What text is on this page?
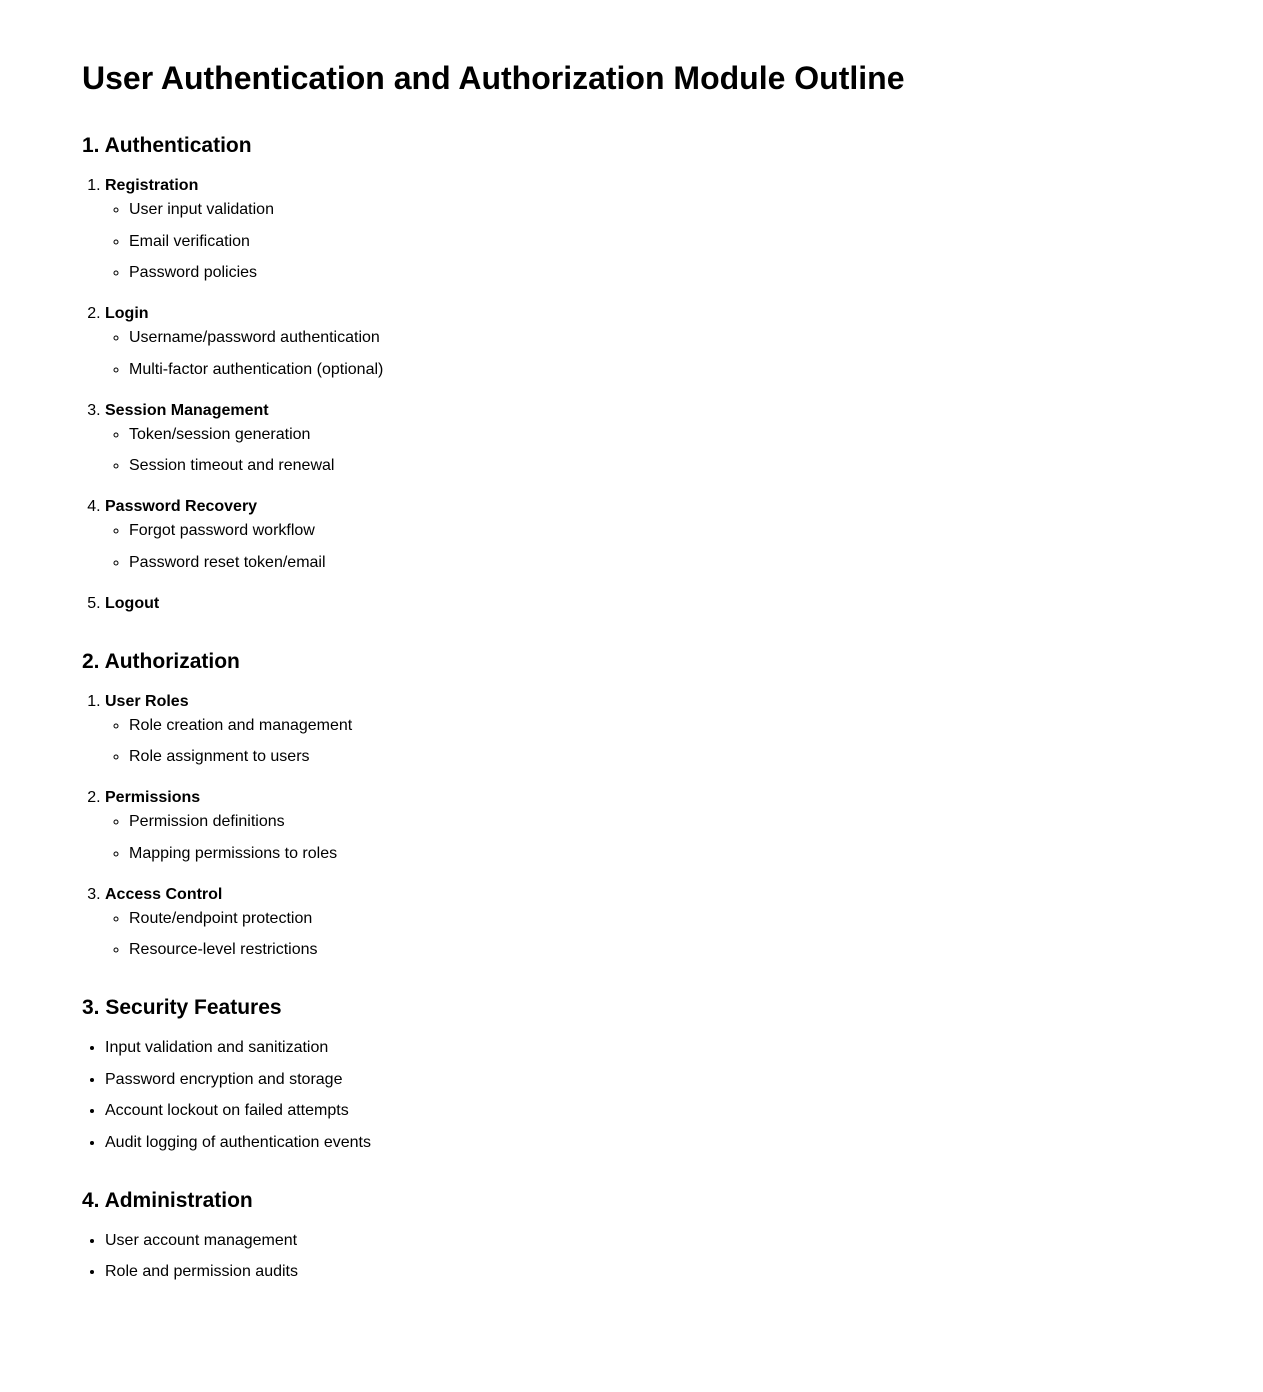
User Authentication and Authorization Module Outline
1. Authentication
1. Registration
◦ User input validation
◦ Email verification
◦ Password policies
2. Login
◦ Username/password authentication
◦ Multi-factor authentication (optional)
3. Session Management
◦ Token/session generation
◦ Session timeout and renewal
4. Password Recovery
◦ Forgot password workflow
◦ Password reset token/email
5. Logout
2. Authorization
1. User Roles
◦ Role creation and management
◦ Role assignment to users
2. Permissions
◦ Permission definitions
◦ Mapping permissions to roles
3. Access Control
◦ Route/endpoint protection
◦ Resource-level restrictions
3. Security Features
• Input validation and sanitization
• Password encryption and storage
• Account lockout on failed attempts
• Audit logging of authentication events
4. Administration
• User account management
• Role and permission audits
